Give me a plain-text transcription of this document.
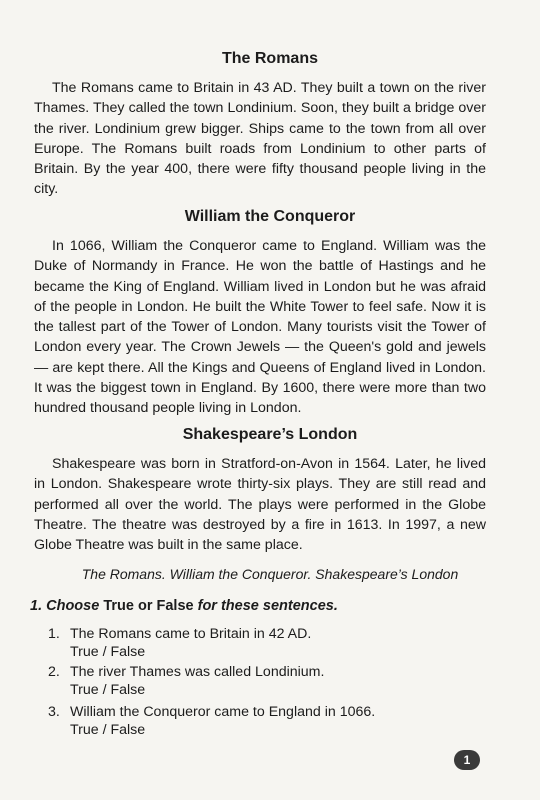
The Romans

The Romans came to Britain in 43 AD. They built a town on the river Thames. They called the town Londinium. Soon, they built a bridge over the river. Londinium grew bigger. Ships came to the town from all over Europe. The Romans built roads from Londinium to other parts of Britain. By the year 400, there were fifty thousand people living in the city.

William the Conqueror

In 1066, William the Conqueror came to England. William was the Duke of Normandy in France. He won the battle of Hastings and he became the King of England. William lived in London but he was afraid of the people in London. He built the White Tower to feel safe. Now it is the tallest part of the Tower of London. Many tourists visit the Tower of London every year. The Crown Jewels — the Queen's gold and jewels — are kept there. All the Kings and Queens of England lived in London. It was the biggest town in England. By 1600, there were more than two hundred thousand people living in London.

Shakespeare’s London

Shakespeare was born in Stratford-on-Avon in 1564. Later, he lived in London. Shakespeare wrote thirty-six plays. They are still read and performed all over the world. The plays were performed in the Globe Theatre. The theatre was destroyed by a fire in 1613. In 1997, a new Globe Theatre was built in the same place.

The Romans. William the Conqueror. Shakespeare’s London
1. Choose True or False for these sentences.
1. The Romans came to Britain in 42 AD.
True / False
2. The river Thames was called Londinium.
True / False
3. William the Conqueror came to England in 1066.
True / False
1
